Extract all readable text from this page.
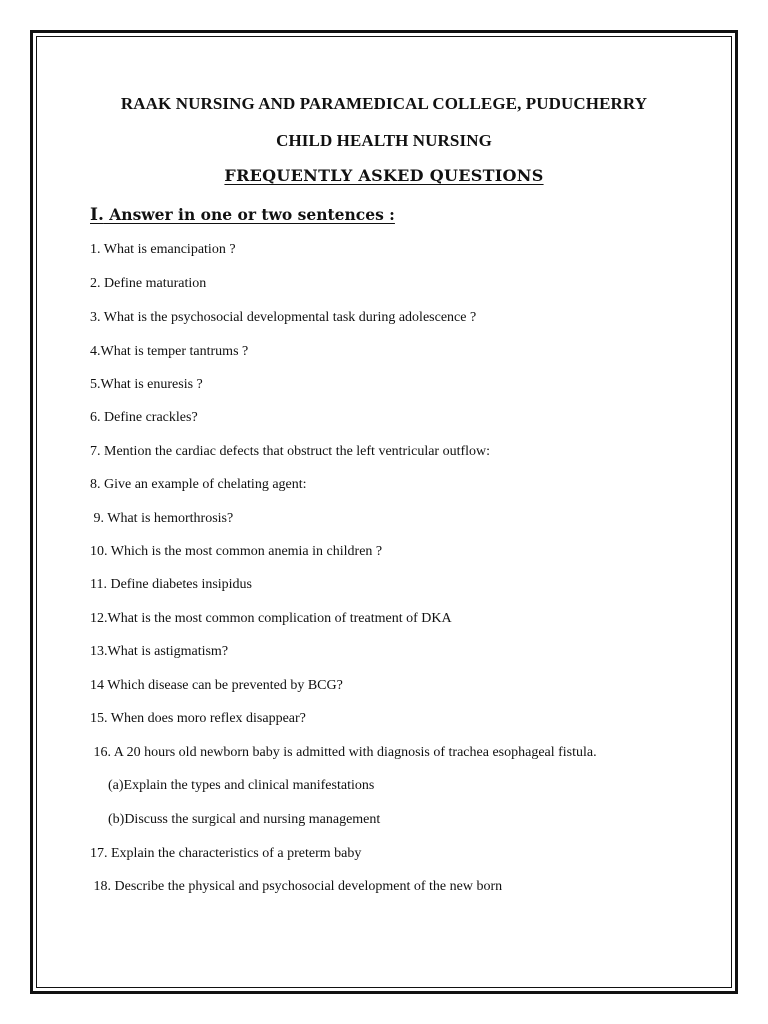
RAAK NURSING AND PARAMEDICAL COLLEGE, PUDUCHERRY
CHILD HEALTH NURSING
FREQUENTLY ASKED QUESTIONS
I. Answer in one or two sentences :
1. What is emancipation ?
2. Define maturation
3. What is the psychosocial developmental task during adolescence ?
4.What is temper tantrums ?
5.What is enuresis ?
6. Define crackles?
7. Mention the cardiac defects that obstruct the left ventricular outflow:
8. Give an example of chelating agent:
9. What is hemorthrosis?
10. Which is the most common anemia in children ?
11. Define diabetes insipidus
12.What is the most common complication of treatment of DKA
13.What is astigmatism?
14 Which disease can be prevented by BCG?
15. When does moro reflex disappear?
16. A 20 hours old newborn baby is admitted with diagnosis of trachea esophageal fistula.
(a)Explain the types and clinical manifestations
(b)Discuss the surgical and nursing management
17. Explain the characteristics of a preterm baby
18. Describe the physical and psychosocial development of the new born
